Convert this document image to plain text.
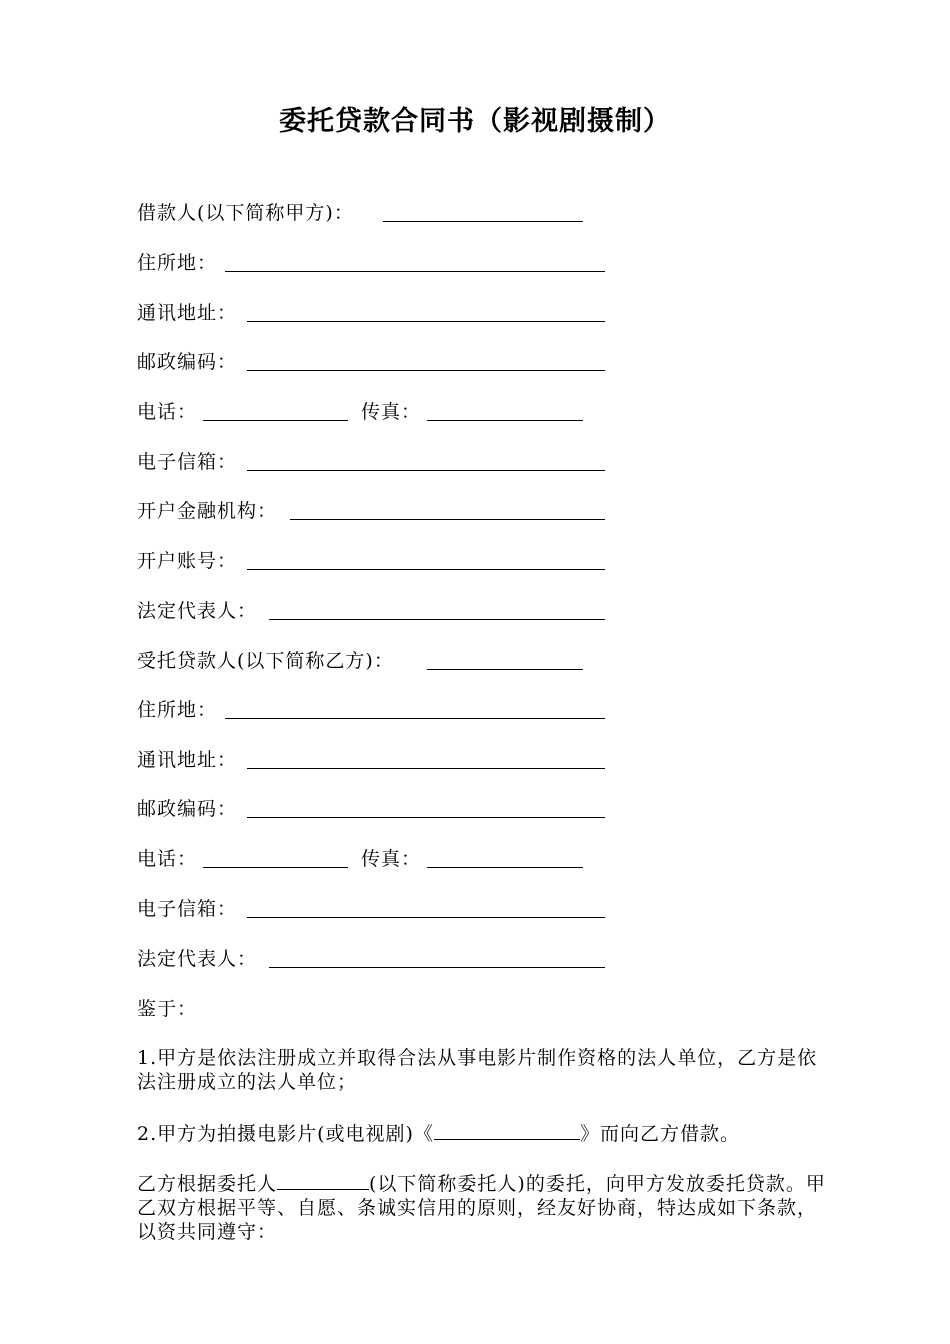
委托贷款合同书（影视剧摄制）
借款人(以下简称甲方)：
住所地：
通讯地址：
邮政编码：
电话：	传真：
电子信箱：
开户金融机构：
开户账号：
法定代表人：
受托贷款人(以下简称乙方)：
住所地：
通讯地址：
邮政编码：
电话：	传真：
电子信箱：
法定代表人：
鉴于：
1.甲方是依法注册成立并取得合法从事电影片制作资格的法人单位，乙方是依法注册成立的法人单位；
2.甲方为拍摄电影片(或电视剧)《	》而向乙方借款。
乙方根据委托人	(以下简称委托人)的委托，向甲方发放委托贷款。甲乙双方根据平等、自愿、条诚实信用的原则，经友好协商，特达成如下条款，以资共同遵守：
